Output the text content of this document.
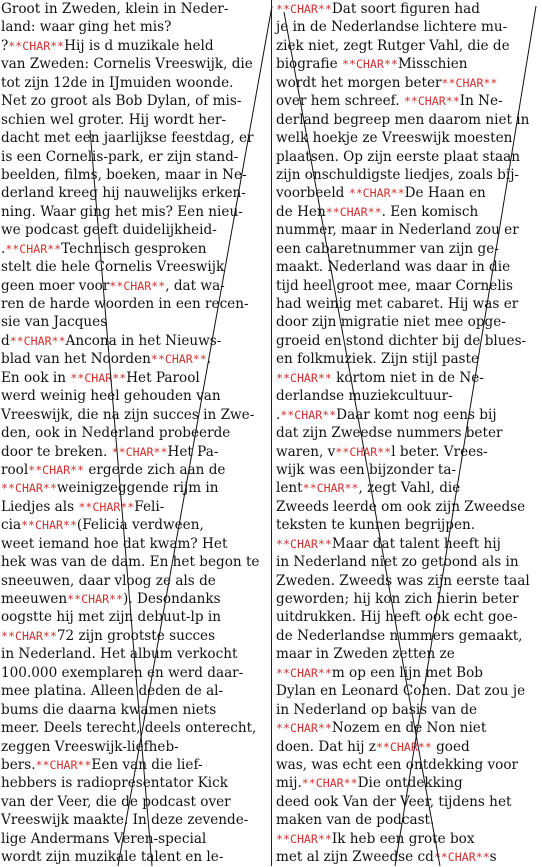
Groot in Zweden, klein in Neder-
land: waar ging het mis?
?**CHAR**Hij is d muzikale held
van Zweden: Cornelis Vreeswijk, die
tot zijn 12de in IJmuiden woonde.
Net zo groot als Bob Dylan, of mis-
schien wel groter. Hij wordt her-
dacht met een jaarlijkse feestdag, er
is een Cornelis-park, er zijn stand-
beelden, films, boeken, maar in Ne-
derland kreeg hij nauwelijks erken-
ning. Waar ging het mis? Een nieu-
we podcast geeft duidelijkheid-
.**CHAR**Technisch gesproken
stelt die hele Cornelis Vreeswijk
geen moer voor**CHAR**, dat wa-
ren de harde woorden in een recen-
sie van Jacques
d**CHAR**Ancona in het Nieuws-
blad van het Noorden**CHAR**.
En ook in **CHAR**Het Parool
werd weinig heel gehouden van
Vreeswijk, die na zijn succes in Zwe-
den, ook in Nederland probeerde
door te breken. **CHAR**Het Pa-
rool**CHAR** ergerde zich aan de
**CHAR**weinigzeggende rijm in
Liedjes als **CHAR**Feli-
cia**CHAR**(Felicia verdween,
weet iemand hoe dat kwam? Het
hek was van de dam. En het begon te
sneeuwen, daar vloog ze als de
meeuwen**CHAR**). Desondanks
oogstte hij met zijn debuut-lp in
**CHAR**72 zijn grootste succes
in Nederland. Het album verkocht
100.000 exemplaren en werd daar-
mee platina. Alleen deden de al-
bums die daarna kwamen niets
meer. Deels terecht, deels onterecht,
zeggen Vreeswijk-liefheb-
bers.**CHAR**Een van die lief-
hebbers is radiopresentator Kick
van der Veer, die de podcast over
Vreeswijk maakte. In deze zevende-
lige Andermans Veren-special
wordt zijn muzikale talent en le-
**CHAR**Dat soort figuren had
je in de Nederlandse lichtere mu-
ziek niet, zegt Rutger Vahl, die de
biografie **CHAR**Misschien
wordt het morgen beter**CHAR**
over hem schreef. **CHAR**In Ne-
derland begreep men daarom niet in
welk hoekje ze Vreeswijk moesten
plaatsen. Op zijn eerste plaat staan
zijn onschuldigste liedjes, zoals bij-
voorbeeld **CHAR**De Haan en
de Hen**CHAR**. Een komisch
nummer, maar in Nederland zou er
een cabaretnummer van zijn ge-
maakt. Nederland was daar in die
tijd heel groot mee, maar Cornelis
had weinig met cabaret. Hij was er
door zijn migratie niet mee opge-
groeid en stond dichter bij de blues-
en folkmuziek. Zijn stijl paste
**CHAR** kortom niet in de Ne-
derlandse muziekcultuur-
.**CHAR**Daar komt nog eens bij
dat zijn Zweedse nummers beter
waren, v**CHAR**l beter. Vrees-
wijk was een bijzonder ta-
lent**CHAR**, zegt Vahl, die
Zweeds leerde om ook zijn Zweedse
teksten te kunnen begrijpen.
**CHAR**Maar dat talent heeft hij
in Nederland niet zo getoond als in
Zweden. Zweeds was zijn eerste taal
geworden; hij kon zich hierin beter
uitdrukken. Hij heeft ook echt goe-
de Nederlandse nummers gemaakt,
maar in Zweden zetten ze
**CHAR**m op een lijn met Bob
Dylan en Leonard Cohen. Dat zou je
in Nederland op basis van de
**CHAR**Nozem en de Non niet
doen. Dat hij z**CHAR** goed
was, was echt een ontdekking voor
mij.**CHAR**Die ontdekking
deed ook Van der Veer, tijdens het
maken van de podcast.
**CHAR**Ik heb een grote box
met al zijn Zweedse cd**CHAR**s
